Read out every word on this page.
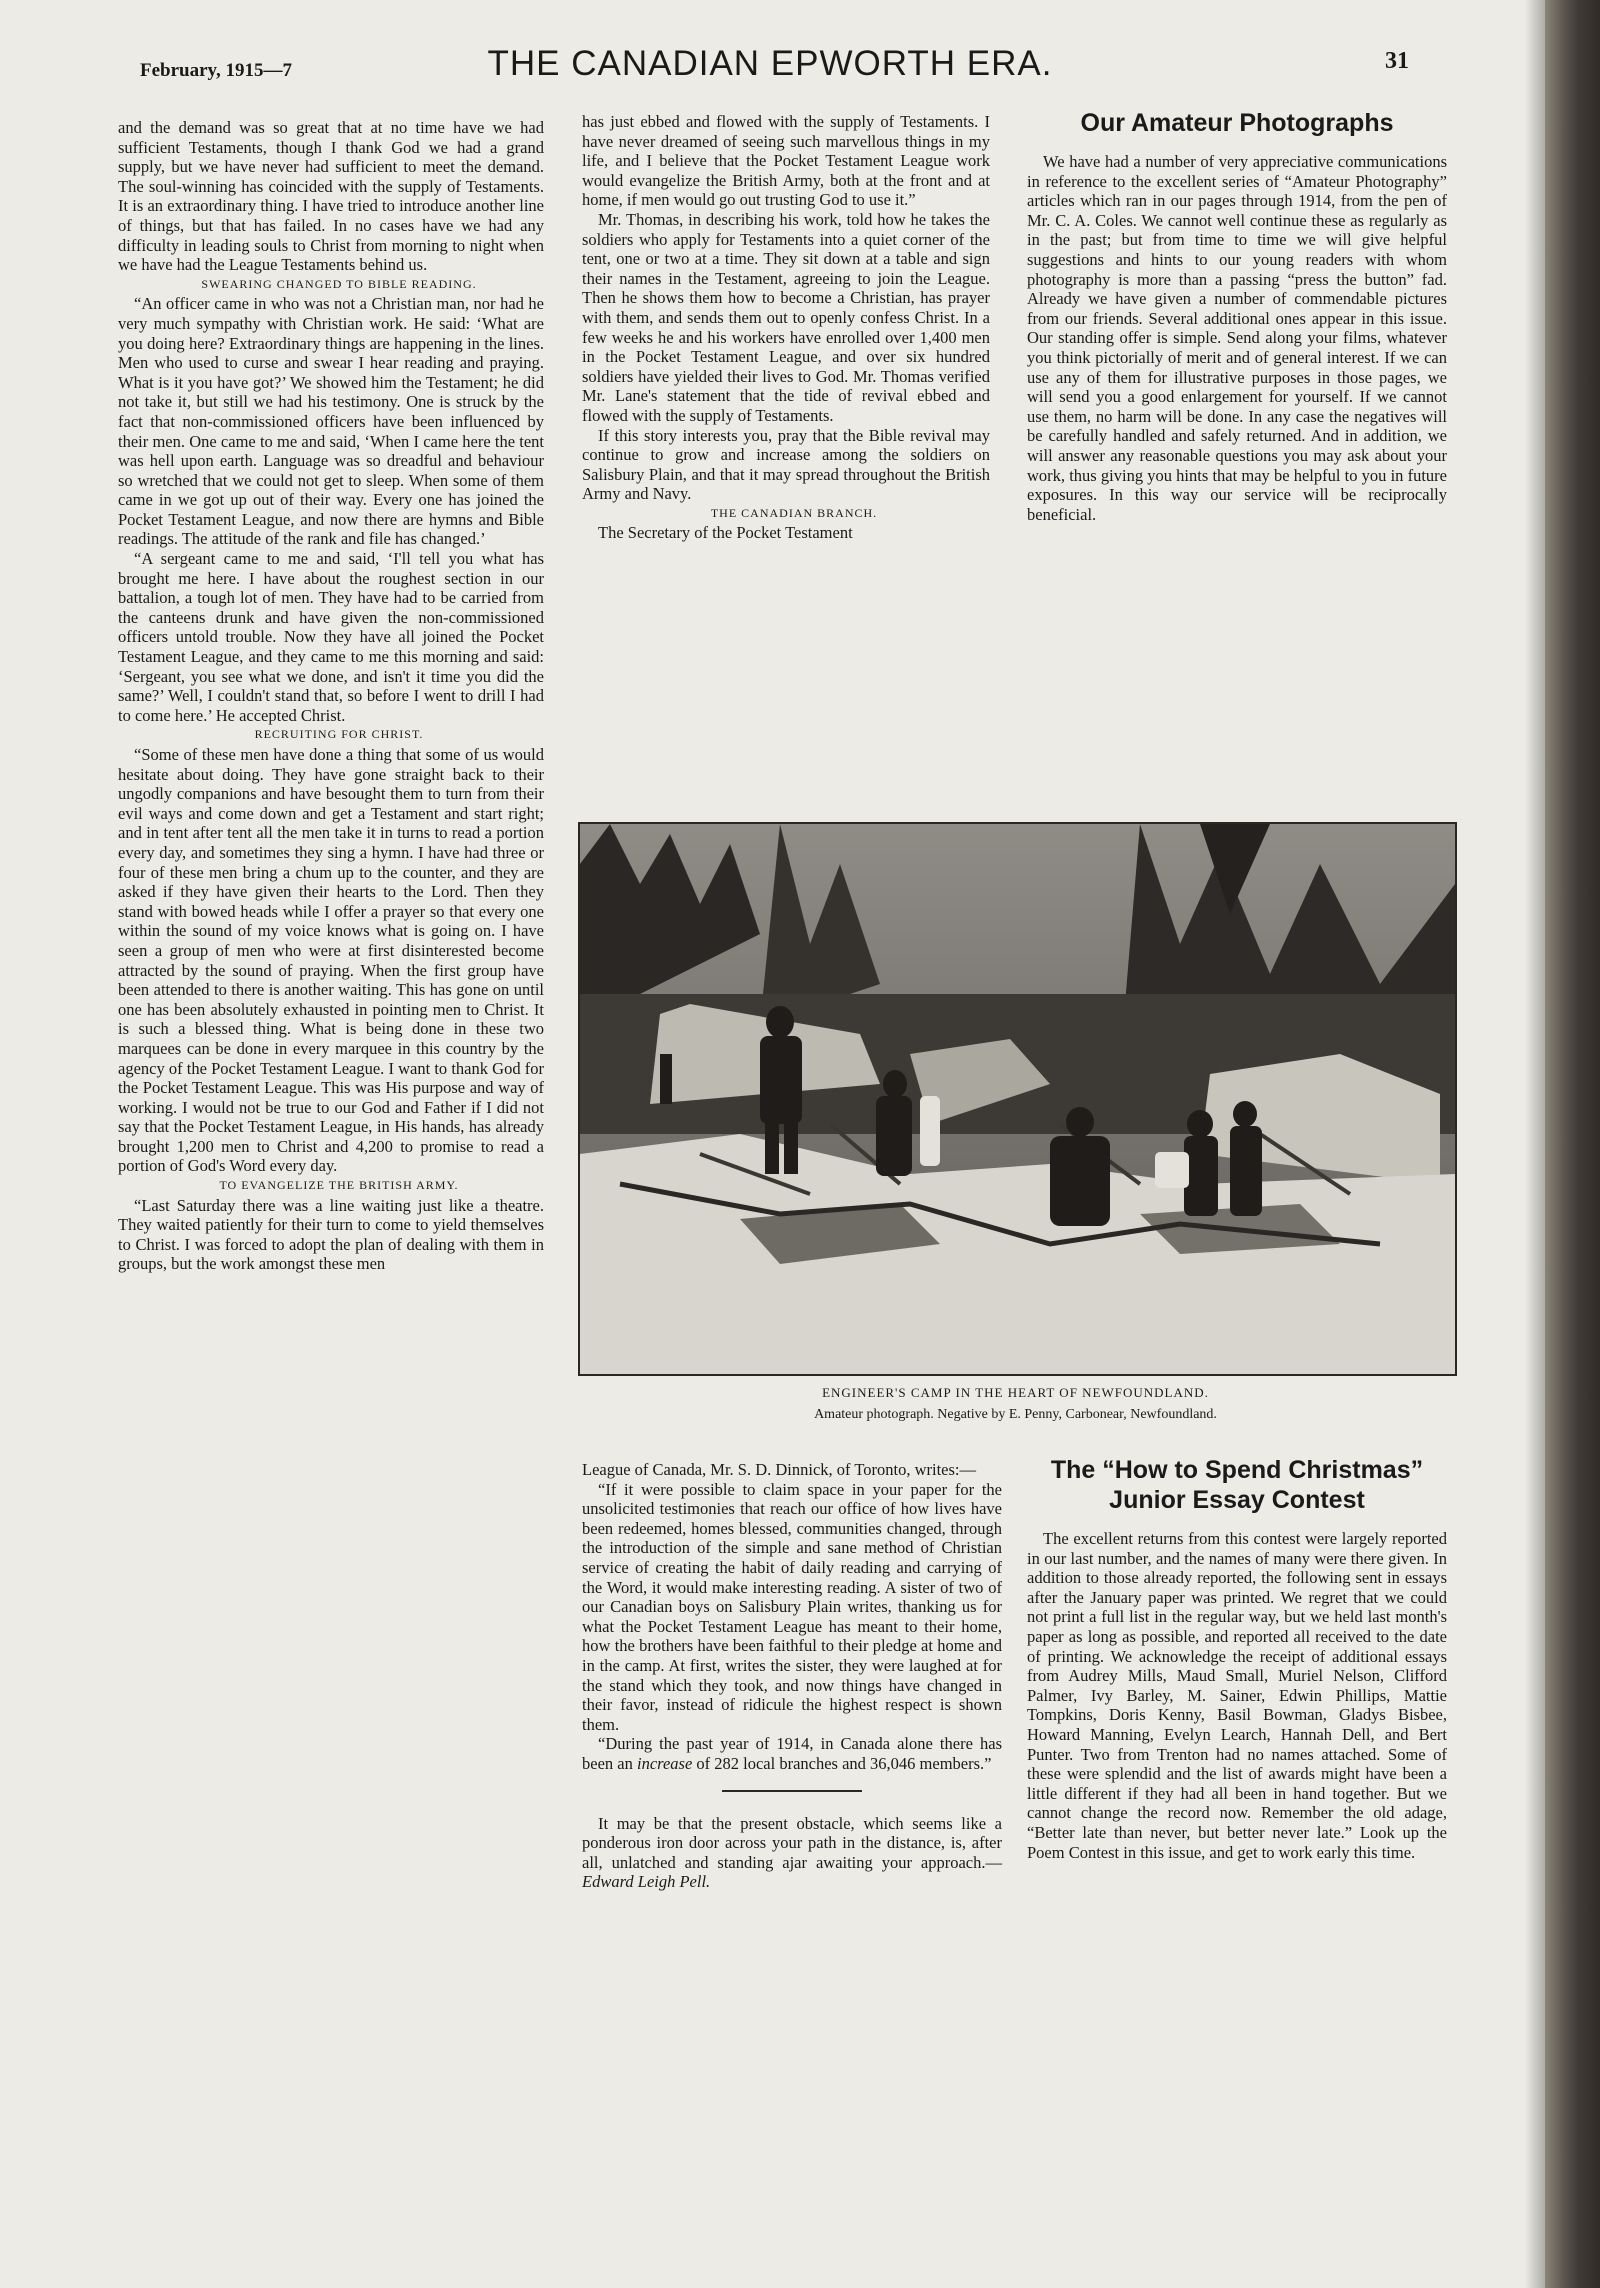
February, 1915—7	THE CANADIAN EPWORTH ERA.	31

and the demand was so great that at no time have we had sufficient Testaments, though I thank God we had a grand supply, but we have never had sufficient to meet the demand. The soul-winning has coincided with the supply of Testaments. It is an extraordinary thing. I have tried to introduce another line of things, but that has failed. In no cases have we had any difficulty in leading souls to Christ from morning to night when we have had the League Testaments behind us.

SWEARING CHANGED TO BIBLE READING.

“An officer came in who was not a Christian man, nor had he very much sympathy with Christian work. He said: ‘What are you doing here? Extraordinary things are happening in the lines. Men who used to curse and swear I hear reading and praying. What is it you have got?’ We showed him the Testament; he did not take it, but still we had his testimony. One is struck by the fact that non-commissioned officers have been influenced by their men. One came to me and said, ‘When I came here the tent was hell upon earth. Language was so dreadful and behaviour so wretched that we could not get to sleep. When some of them came in we got up out of their way. Every one has joined the Pocket Testament League, and now there are hymns and Bible readings. The attitude of the rank and file has changed.’

“A sergeant came to me and said, ‘I'll tell you what has brought me here. I have about the roughest section in our battalion, a tough lot of men. They have had to be carried from the canteens drunk and have given the non-commissioned officers untold trouble. Now they have all joined the Pocket Testament League, and they came to me this morning and said: ‘Sergeant, you see what we done, and isn't it time you did the same?’ Well, I couldn't stand that, so before I went to drill I had to come here.’ He accepted Christ.

RECRUITING FOR CHRIST.

“Some of these men have done a thing that some of us would hesitate about doing. They have gone straight back to their ungodly companions and have besought them to turn from their evil ways and come down and get a Testament and start right; and in tent after tent all the men take it in turns to read a portion every day, and sometimes they sing a hymn. I have had three or four of these men bring a chum up to the counter, and they are asked if they have given their hearts to the Lord. Then they stand with bowed heads while I offer a prayer so that every one within the sound of my voice knows what is going on. I have seen a group of men who were at first disinterested become attracted by the sound of praying. When the first group have been attended to there is another waiting. This has gone on until one has been absolutely exhausted in pointing men to Christ. It is such a blessed thing. What is being done in these two marquees can be done in every marquee in this country by the agency of the Pocket Testament League. I want to thank God for the Pocket Testament League. This was His purpose and way of working. I would not be true to our God and Father if I did not say that the Pocket Testament League, in His hands, has already brought 1,200 men to Christ and 4,200 to promise to read a portion of God's Word every day.

TO EVANGELIZE THE BRITISH ARMY.

“Last Saturday there was a line waiting just like a theatre. They waited patiently for their turn to come to yield themselves to Christ. I was forced to adopt the plan of dealing with them in groups, but the work amongst these men

has just ebbed and flowed with the supply of Testaments. I have never dreamed of seeing such marvellous things in my life, and I believe that the Pocket Testament League work would evangelize the British Army, both at the front and at home, if men would go out trusting God to use it.”

Mr. Thomas, in describing his work, told how he takes the soldiers who apply for Testaments into a quiet corner of the tent, one or two at a time. They sit down at a table and sign their names in the Testament, agreeing to join the League. Then he shows them how to become a Christian, has prayer with them, and sends them out to openly confess Christ. In a few weeks he and his workers have enrolled over 1,400 men in the Pocket Testament League, and over six hundred soldiers have yielded their lives to God. Mr. Thomas verified Mr. Lane's statement that the tide of revival ebbed and flowed with the supply of Testaments.

If this story interests you, pray that the Bible revival may continue to grow and increase among the soldiers on Salisbury Plain, and that it may spread throughout the British Army and Navy.

THE CANADIAN BRANCH.

The Secretary of the Pocket Testament

Our Amateur Photographs

We have had a number of very appreciative communications in reference to the excellent series of “Amateur Photography” articles which ran in our pages through 1914, from the pen of Mr. C. A. Coles. We cannot well continue these as regularly as in the past; but from time to time we will give helpful suggestions and hints to our young readers with whom photography is more than a passing “press the button” fad. Already we have given a number of commendable pictures from our friends. Several additional ones appear in this issue. Our standing offer is simple. Send along your films, whatever you think pictorially of merit and of general interest. If we can use any of them for illustrative purposes in those pages, we will send you a good enlargement for yourself. If we cannot use them, no harm will be done. In any case the negatives will be carefully handled and safely returned. And in addition, we will answer any reasonable questions you may ask about your work, thus giving you hints that may be helpful to you in future exposures. In this way our service will be reciprocally beneficial.

ENGINEER'S CAMP IN THE HEART OF NEWFOUNDLAND.
Amateur photograph. Negative by E. Penny, Carbonear, Newfoundland.

League of Canada, Mr. S. D. Dinnick, of Toronto, writes:—

“If it were possible to claim space in your paper for the unsolicited testimonies that reach our office of how lives have been redeemed, homes blessed, communities changed, through the introduction of the simple and sane method of Christian service of creating the habit of daily reading and carrying of the Word, it would make interesting reading. A sister of two of our Canadian boys on Salisbury Plain writes, thanking us for what the Pocket Testament League has meant to their home, how the brothers have been faithful to their pledge at home and in the camp. At first, writes the sister, they were laughed at for the stand which they took, and now things have changed in their favor, instead of ridicule the highest respect is shown them.

“During the past year of 1914, in Canada alone there has been an increase of 282 local branches and 36,046 members.”

It may be that the present obstacle, which seems like a ponderous iron door across your path in the distance, is, after all, unlatched and standing ajar awaiting your approach.—Edward Leigh Pell.

The “How to Spend Christmas” Junior Essay Contest

The excellent returns from this contest were largely reported in our last number, and the names of many were there given. In addition to those already reported, the following sent in essays after the January paper was printed. We regret that we could not print a full list in the regular way, but we held last month's paper as long as possible, and reported all received to the date of printing. We acknowledge the receipt of additional essays from Audrey Mills, Maud Small, Muriel Nelson, Clifford Palmer, Ivy Barley, M. Sainer, Edwin Phillips, Mattie Tompkins, Doris Kenny, Basil Bowman, Gladys Bisbee, Howard Manning, Evelyn Learch, Hannah Dell, and Bert Punter. Two from Trenton had no names attached. Some of these were splendid and the list of awards might have been a little different if they had all been in hand together. But we cannot change the record now. Remember the old adage, “Better late than never, but better never late.” Look up the Poem Contest in this issue, and get to work early this time.
